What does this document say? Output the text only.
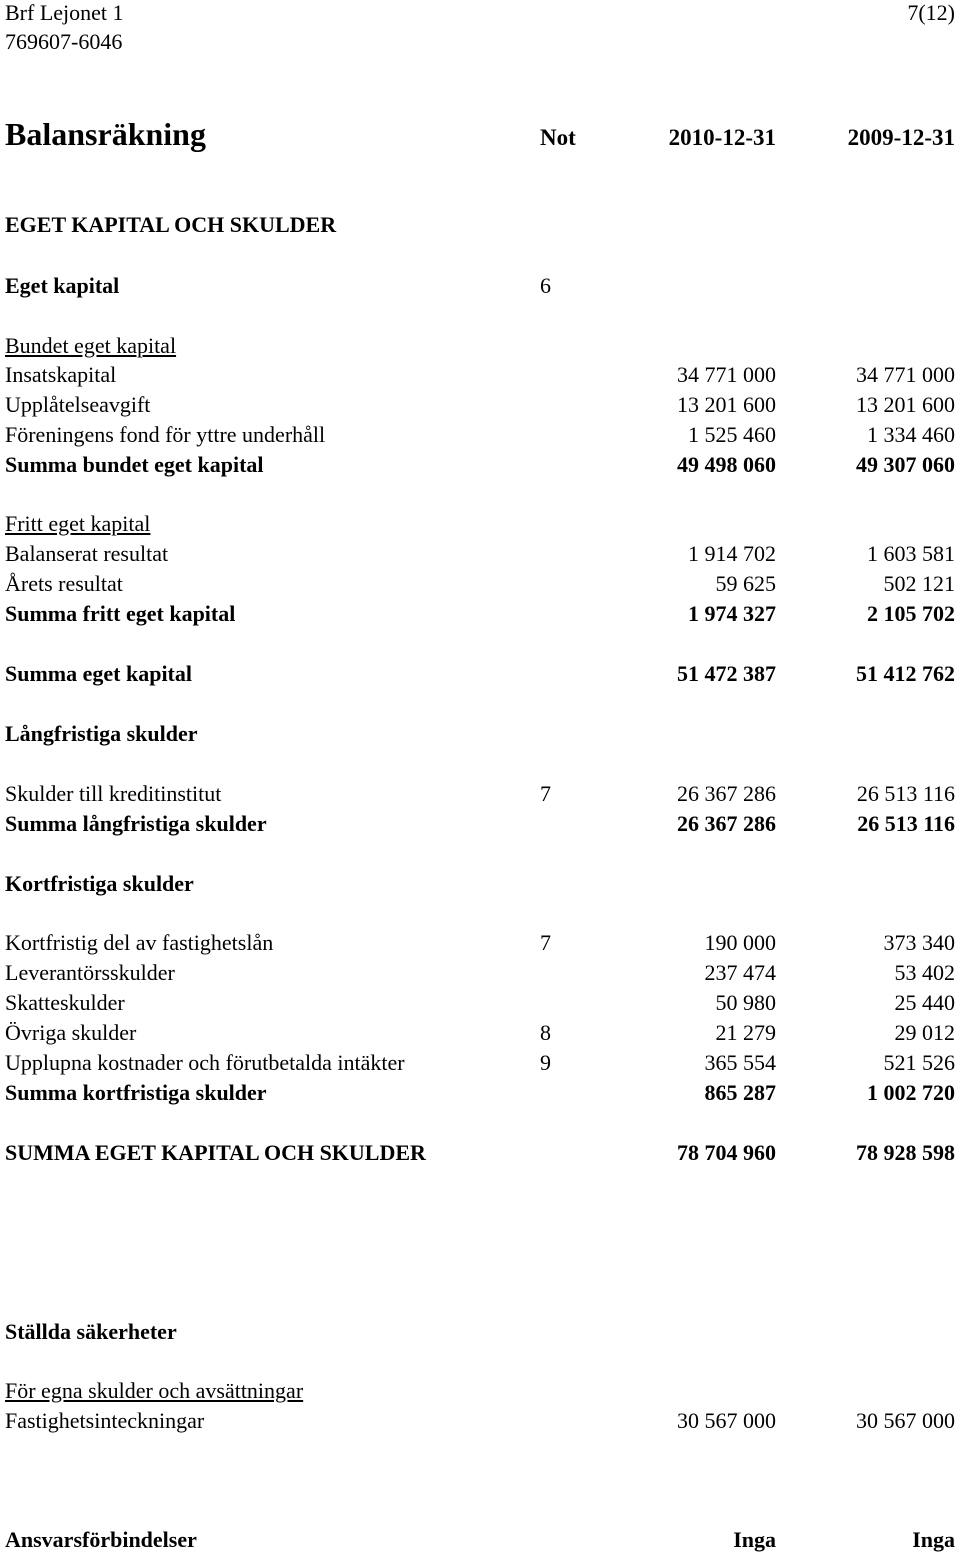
Brf Lejonet 1
769607-6046
7(12)
Balansräkning	Not	2010-12-31	2009-12-31
EGET KAPITAL OCH SKULDER
Eget kapital	6
Bundet eget kapital
Insatskapital	34 771 000	34 771 000
Upplåtelseavgift	13 201 600	13 201 600
Föreningens fond för yttre underhåll	1 525 460	1 334 460
Summa bundet eget kapital	49 498 060	49 307 060
Fritt eget kapital
Balanserat resultat	1 914 702	1 603 581
Årets resultat	59 625	502 121
Summa fritt eget kapital	1 974 327	2 105 702
Summa eget kapital	51 472 387	51 412 762
Långfristiga skulder
Skulder till kreditinstitut	7	26 367 286	26 513 116
Summa långfristiga skulder	26 367 286	26 513 116
Kortfristiga skulder
Kortfristig del av fastighetslån	7	190 000	373 340
Leverantörsskulder	237 474	53 402
Skatteskulder	50 980	25 440
Övriga skulder	8	21 279	29 012
Upplupna kostnader och förutbetalda intäkter	9	365 554	521 526
Summa kortfristiga skulder	865 287	1 002 720
SUMMA EGET KAPITAL OCH SKULDER	78 704 960	78 928 598
Ställda säkerheter
För egna skulder och avsättningar
Fastighetsinteckningar	30 567 000	30 567 000
Ansvarsförbindelser	Inga	Inga
